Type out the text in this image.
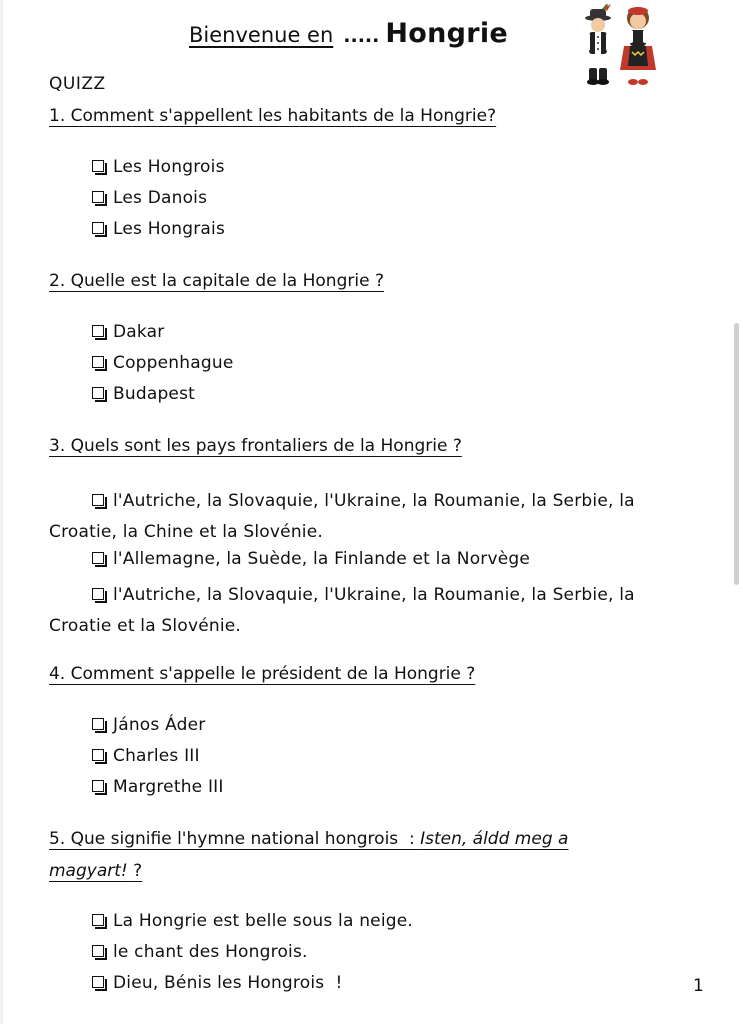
Bienvenue en ..... Hongrie
QUIZZ
1. Comment s'appellent les habitants de la Hongrie?
Les Hongrois
Les Danois
Les Hongrais
2. Quelle est la capitale de la Hongrie ?
Dakar
Coppenhague
Budapest
3. Quels sont les pays frontaliers de la Hongrie ?
l'Autriche, la Slovaquie, l'Ukraine, la Roumanie, la Serbie, la Croatie, la Chine et la Slovénie.
l'Allemagne, la Suède, la Finlande et la Norvège
l'Autriche, la Slovaquie, l'Ukraine, la Roumanie, la Serbie, la Croatie et la Slovénie.
4. Comment s'appelle le président de la Hongrie ?
János Áder
Charles III
Margrethe III
5. Que signifie l'hymne national hongrois  : Isten, áldd meg a
magyart! ?
La Hongrie est belle sous la neige.
le chant des Hongrois.
Dieu, Bénis les Hongrois  !	1
